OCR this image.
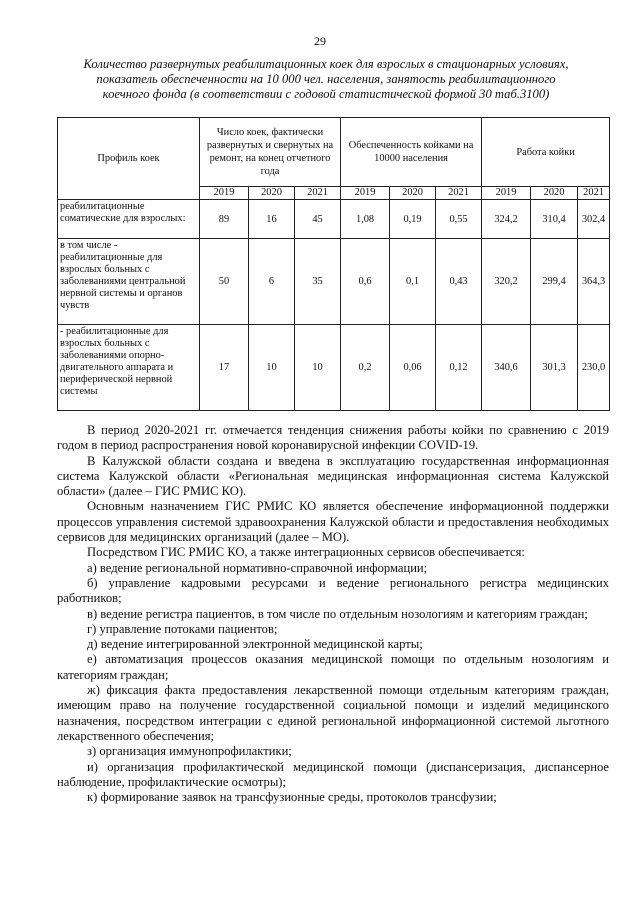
29
Количество развернутых реабилитационных коек для взрослых в стационарных условиях,
показатель обеспеченности на 10 000 чел. населения, занятость реабилитационного
коечного фонда (в соответствии с годовой статистической формой 30 таб.3100)
Профиль коек	Число коек, фактически развернутых и свернутых на ремонт, на конец отчетного года			Обеспеченность койками на 10000 населения			Работа койки		
	2019	2020	2021	2019	2020	2021	2019	2020	2021
реабилитационные соматические для взрослых:	89	16	45	1,08	0,19	0,55	324,2	310,4	302,4
в том числе - реабилитационные для взрослых больных с заболеваниями центральной нервной системы и органов чувств	50	6	35	0,6	0,1	0,43	320,2	299,4	364,3
- реабилитационные для взрослых больных с заболеваниями опорно-двигательного аппарата и периферической нервной системы	17	10	10	0,2	0,06	0,12	340,6	301,3	230,0

В период 2020-2021 гг. отмечается тенденция снижения работы койки по сравнению с 2019 годом в период распространения новой коронавирусной инфекции COVID-19.

В Калужской области создана и введена в эксплуатацию государственная информационная система Калужской области «Региональная медицинская информационная система Калужской области» (далее – ГИС РМИС КО).

Основным назначением ГИС РМИС КО является обеспечение информационной поддержки процессов управления системой здравоохранения Калужской области и предоставления необходимых сервисов для медицинских организаций (далее – МО).

Посредством ГИС РМИС КО, а также интеграционных сервисов обеспечивается:

а) ведение региональной нормативно-справочной информации;

б) управление кадровыми ресурсами и ведение регионального регистра медицинских работников;

в) ведение регистра пациентов, в том числе по отдельным нозологиям и категориям граждан;

г) управление потоками пациентов;

д) ведение интегрированной электронной медицинской карты;

е) автоматизация процессов оказания медицинской помощи по отдельным нозологиям и категориям граждан;

ж) фиксация факта предоставления лекарственной помощи отдельным категориям граждан, имеющим право на получение государственной социальной помощи и изделий медицинского назначения, посредством интеграции с единой региональной информационной системой льготного лекарственного обеспечения;

з) организация иммунопрофилактики;

и) организация профилактической медицинской помощи (диспансеризация, диспансерное наблюдение, профилактические осмотры);

к) формирование заявок на трансфузионные среды, протоколов трансфузии;
